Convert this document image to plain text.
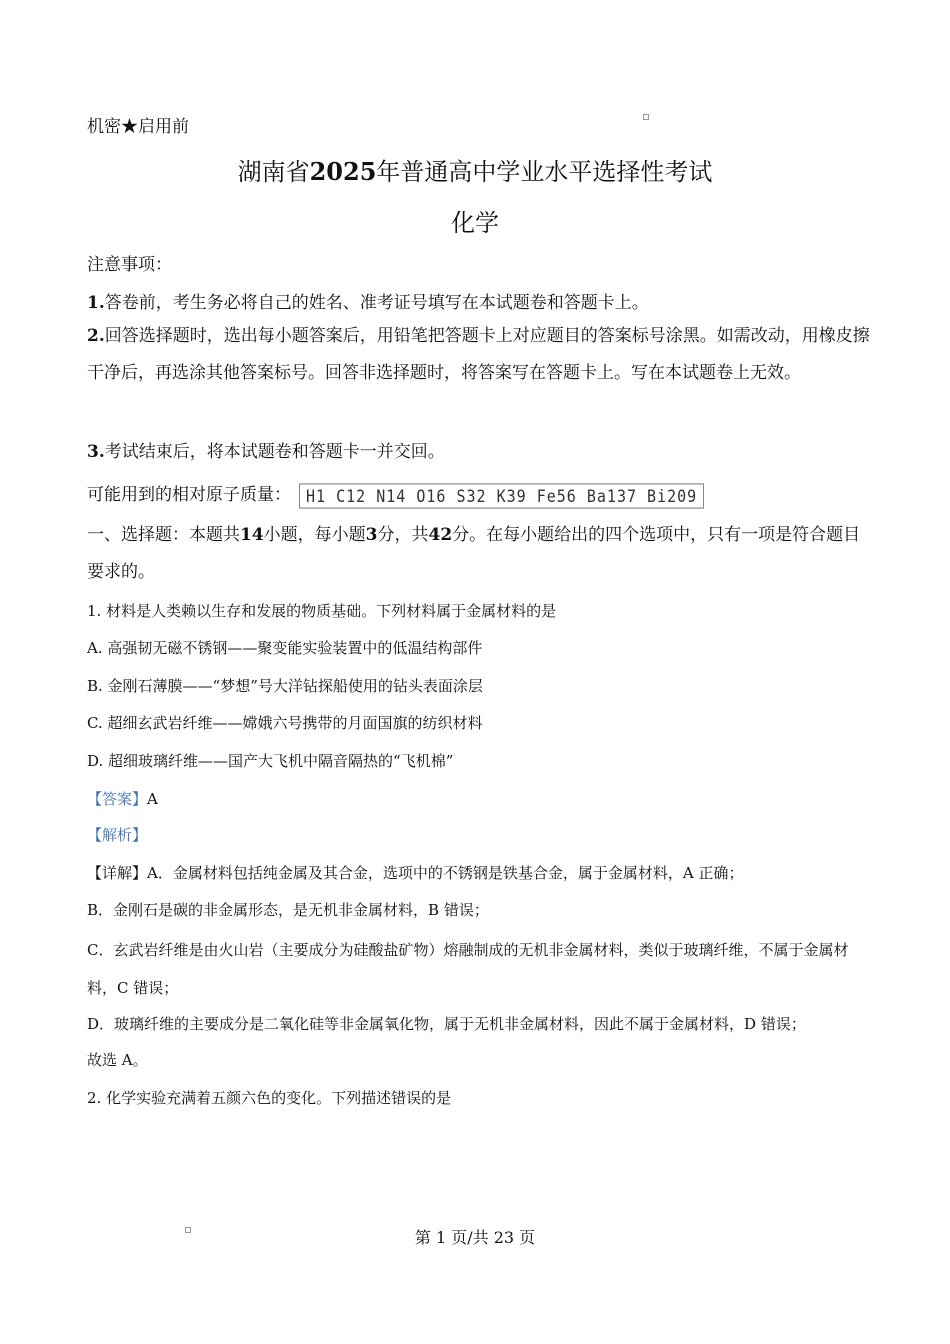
机密★启用前
湖南省2025年普通高中学业水平选择性考试
化学
注意事项：
1.答卷前，考生务必将自己的姓名、准考证号填写在本试题卷和答题卡上。
2.回答选择题时，选出每小题答案后，用铅笔把答题卡上对应题目的答案标号涂黑。如需改动，用橡皮擦干净后，再选涂其他答案标号。回答非选择题时，将答案写在答题卡上。写在本试题卷上无效。
3.考试结束后，将本试题卷和答题卡一并交回。
可能用到的相对原子质量： H1 C12 N14 O16 S32 K39 Fe56 Ba137 Bi209
一、选择题：本题共14小题，每小题3分，共42分。在每小题给出的四个选项中，只有一项是符合题目要求的。
1. 材料是人类赖以生存和发展的物质基础。下列材料属于金属材料的是
A. 高强韧无磁不锈钢——聚变能实验装置中的低温结构部件
B. 金刚石薄膜——“梦想”号大洋钻探船使用的钻头表面涂层
C. 超细玄武岩纤维——嫦娥六号携带的月面国旗的纺织材料
D. 超细玻璃纤维——国产大飞机中隔音隔热的“飞机棉”
【答案】A
【解析】
【详解】A．金属材料包括纯金属及其合金，选项中的不锈钢是铁基合金，属于金属材料，A 正确；
B．金刚石是碳的非金属形态，是无机非金属材料，B 错误；
C．玄武岩纤维是由火山岩（主要成分为硅酸盐矿物）熔融制成的无机非金属材料，类似于玻璃纤维，不属于金属材料，C 错误；
D．玻璃纤维的主要成分是二氧化硅等非金属氧化物，属于无机非金属材料，因此不属于金属材料，D 错误；
故选 A。
2. 化学实验充满着五颜六色的变化。下列描述错误的是
第 1 页/共 23 页
